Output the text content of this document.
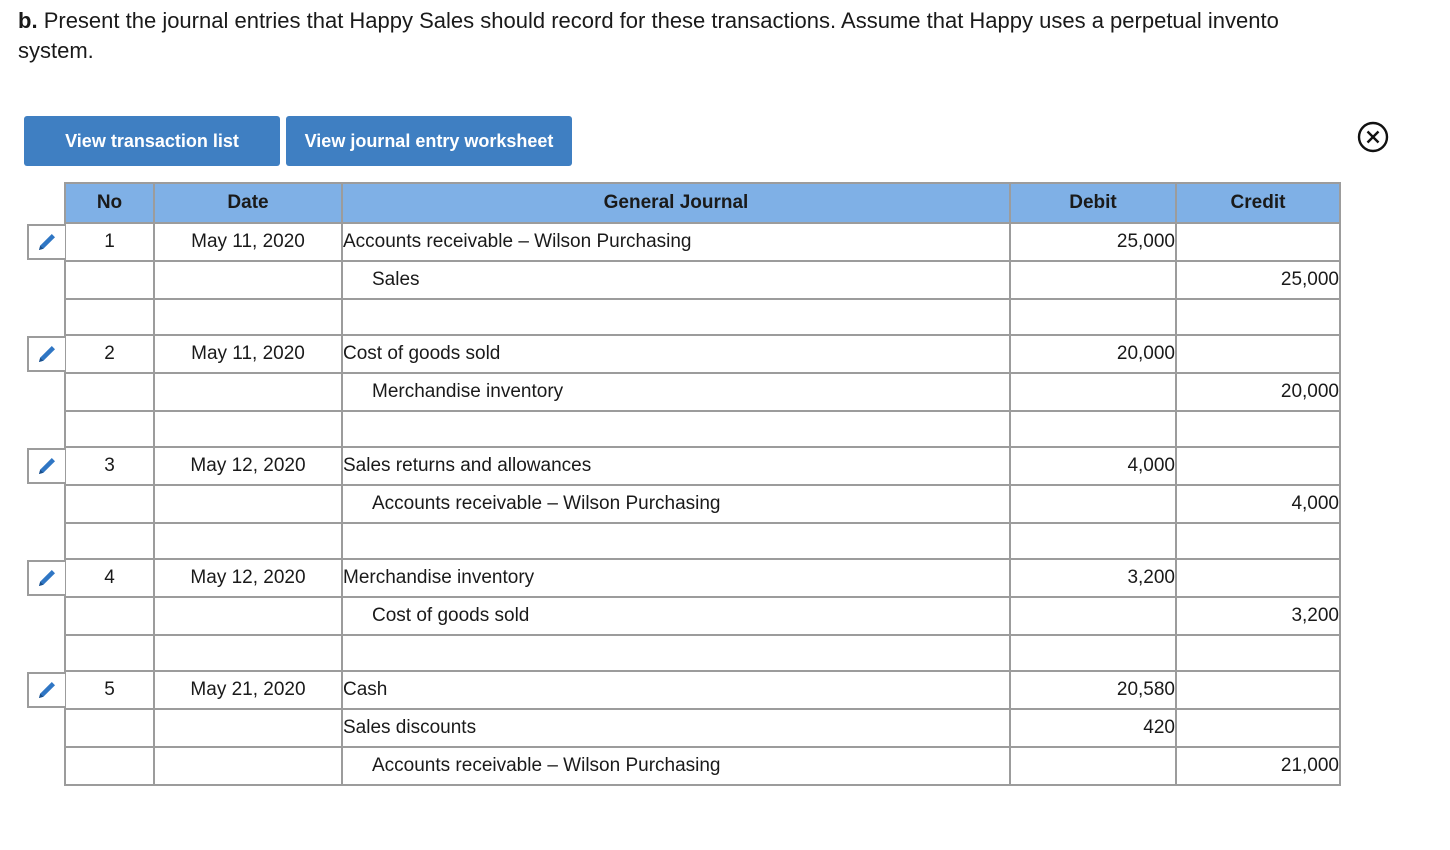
b. Present the journal entries that Happy Sales should record for these transactions. Assume that Happy uses a perpetual invento
system.
View transaction list	View journal entry worksheet
No	Date	General Journal	Debit	Credit
1	May 11, 2020	Accounts receivable – Wilson Purchasing	25,000	
		Sales		25,000

2	May 11, 2020	Cost of goods sold	20,000	
		Merchandise inventory		20,000

3	May 12, 2020	Sales returns and allowances	4,000	
		Accounts receivable – Wilson Purchasing		4,000

4	May 12, 2020	Merchandise inventory	3,200	
		Cost of goods sold		3,200

5	May 21, 2020	Cash	20,580	
		Sales discounts	420	
		Accounts receivable – Wilson Purchasing		21,000
